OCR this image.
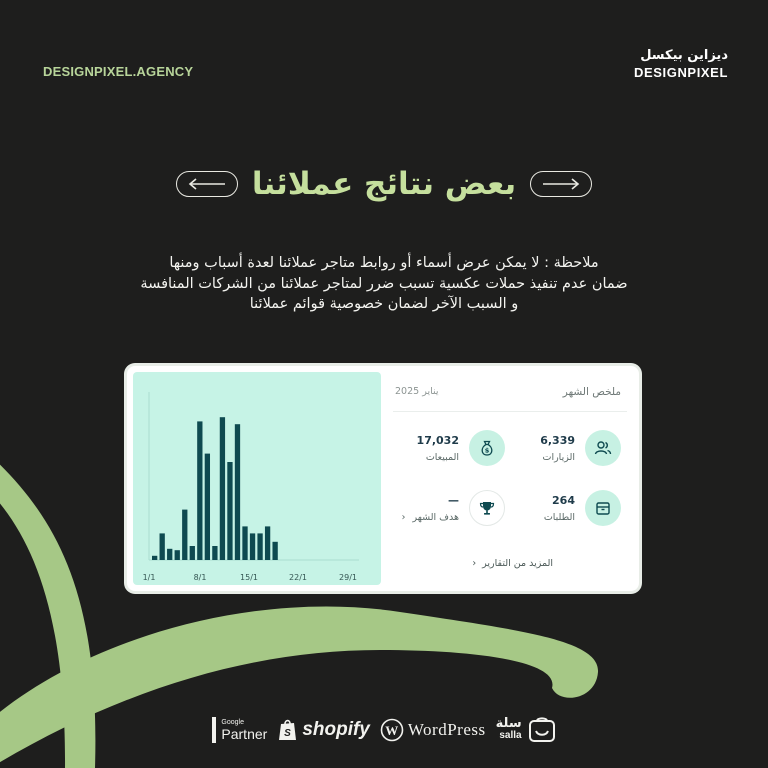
DESIGNPIXEL.AGENCY
ديزاين بيكسل
DESIGNPIXEL
بعض نتائج عملائنا
ملاحظة : لا يمكن عرض أسماء أو روابط متاجر عملائنا لعدة أسباب ومنها
ضمان عدم تنفيذ حملات عكسية تسبب ضرر لمتاجر عملائنا من الشركات المنافسة
و السبب الآخر لضمان خصوصية قوائم عملائنا
1/1	8/1	15/1	22/1	29/1
ملخص الشهر
يناير 2025
6,339
الزيارات
$
17,032
المبيعات
264
الطلبات
—
هدف الشهر ‹
المزيد من التقارير
‹
Google
Partner S shopify W WordPress سلة
salla
